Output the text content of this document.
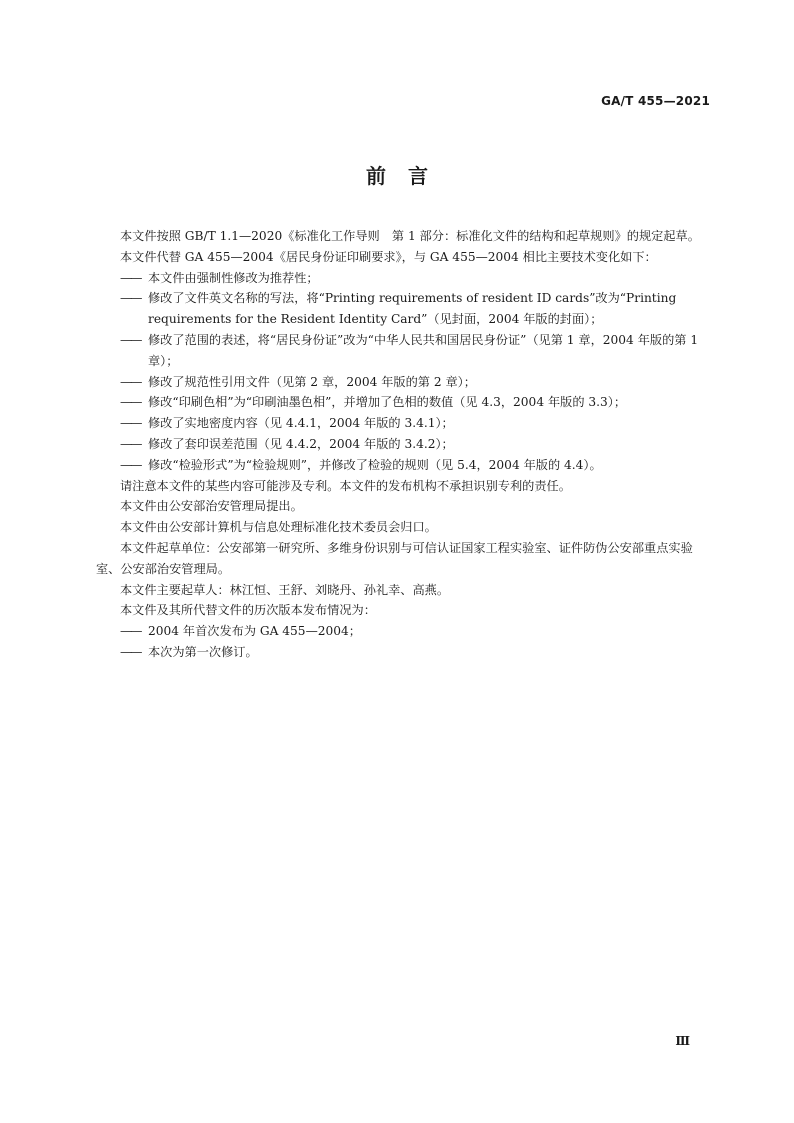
GA/T 455—2021
前言

本文件按照 GB/T 1.1—2020《标准化工作导则　第 1 部分：标准化文件的结构和起草规则》的规定起草。

本文件代替 GA 455—2004《居民身份证印刷要求》，与 GA 455—2004 相比主要技术变化如下：

—— 本文件由强制性修改为推荐性；

—— 修改了文件英文名称的写法，将“Printing requirements of resident ID cards”改为“Printing requirements for the Resident Identity Card”（见封面，2004 年版的封面）；

—— 修改了范围的表述，将“居民身份证”改为“中华人民共和国居民身份证”（见第 1 章，2004 年版的第 1 章）；

—— 修改了规范性引用文件（见第 2 章，2004 年版的第 2 章）；

—— 修改“印刷色相”为“印刷油墨色相”，并增加了色相的数值（见 4.3，2004 年版的 3.3）；

—— 修改了实地密度内容（见 4.4.1，2004 年版的 3.4.1）；

—— 修改了套印误差范围（见 4.4.2，2004 年版的 3.4.2）；

—— 修改“检验形式”为“检验规则”，并修改了检验的规则（见 5.4，2004 年版的 4.4）。

请注意本文件的某些内容可能涉及专利。本文件的发布机构不承担识别专利的责任。

本文件由公安部治安管理局提出。

本文件由公安部计算机与信息处理标准化技术委员会归口。

本文件起草单位：公安部第一研究所、多维身份识别与可信认证国家工程实验室、证件防伪公安部重点实验室、公安部治安管理局。

本文件主要起草人：林江恒、王舒、刘晓丹、孙礼幸、高燕。

本文件及其所代替文件的历次版本发布情况为：

—— 2004 年首次发布为 GA 455—2004；

—— 本次为第一次修订。

Ⅲ
